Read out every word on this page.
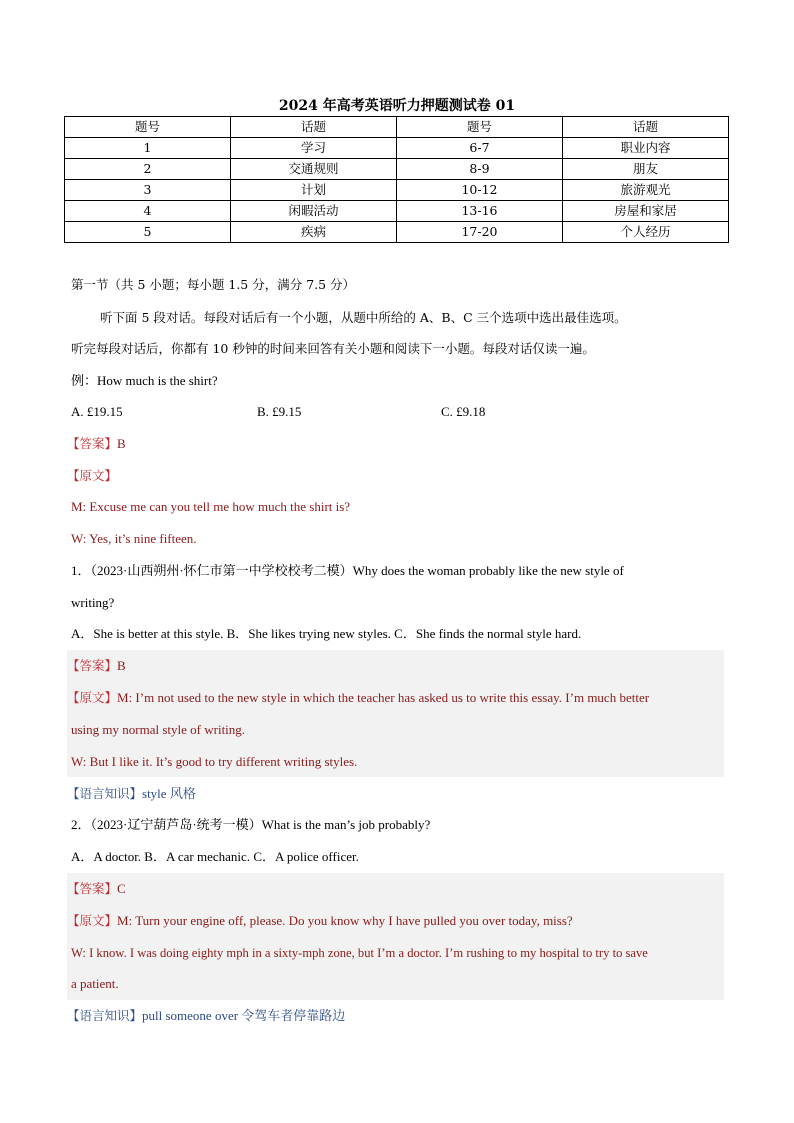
2024 年高考英语听力押题测试卷 01
题号	话题	题号	话题
1	学习	6-7	职业内容
2	交通规则	8-9	朋友
3	计划	10-12	旅游观光
4	闲暇活动	13-16	房屋和家居
5	疾病	17-20	个人经历
第一节（共 5 小题；每小题 1.5 分，满分 7.5 分）
听下面 5 段对话。每段对话后有一个小题，从题中所给的 A、B、C 三个选项中选出最佳选项。
听完每段对话后，你都有 10 秒钟的时间来回答有关小题和阅读下一小题。每段对话仅读一遍。
例：How much is the shirt?
A. £19.15	B. £9.15	C. £9.18
【答案】B
【原文】
M: Excuse me can you tell me how much the shirt is?
W: Yes, it’s nine fifteen.
1．（2023·山西朔州·怀仁市第一中学校校考二模）Why does the woman probably like the new style of
writing?
A．She is better at this style. B．She likes trying new styles. C．She finds the normal style hard.
【答案】B
【原文】M: I’m not used to the new style in which the teacher has asked us to write this essay. I’m much better
using my normal style of writing.
W: But I like it. It’s good to try different writing styles.
【语言知识】style 风格
2．（2023·辽宁葫芦岛·统考一模）What is the man’s job probably?
A．A doctor. B．A car mechanic. C．A police officer.
【答案】C
【原文】M: Turn your engine off, please. Do you know why I have pulled you over today, miss?
W: I know. I was doing eighty mph in a sixty-mph zone, but I’m a doctor. I’m rushing to my hospital to try to save
a patient.
【语言知识】pull someone over 令驾车者停靠路边
